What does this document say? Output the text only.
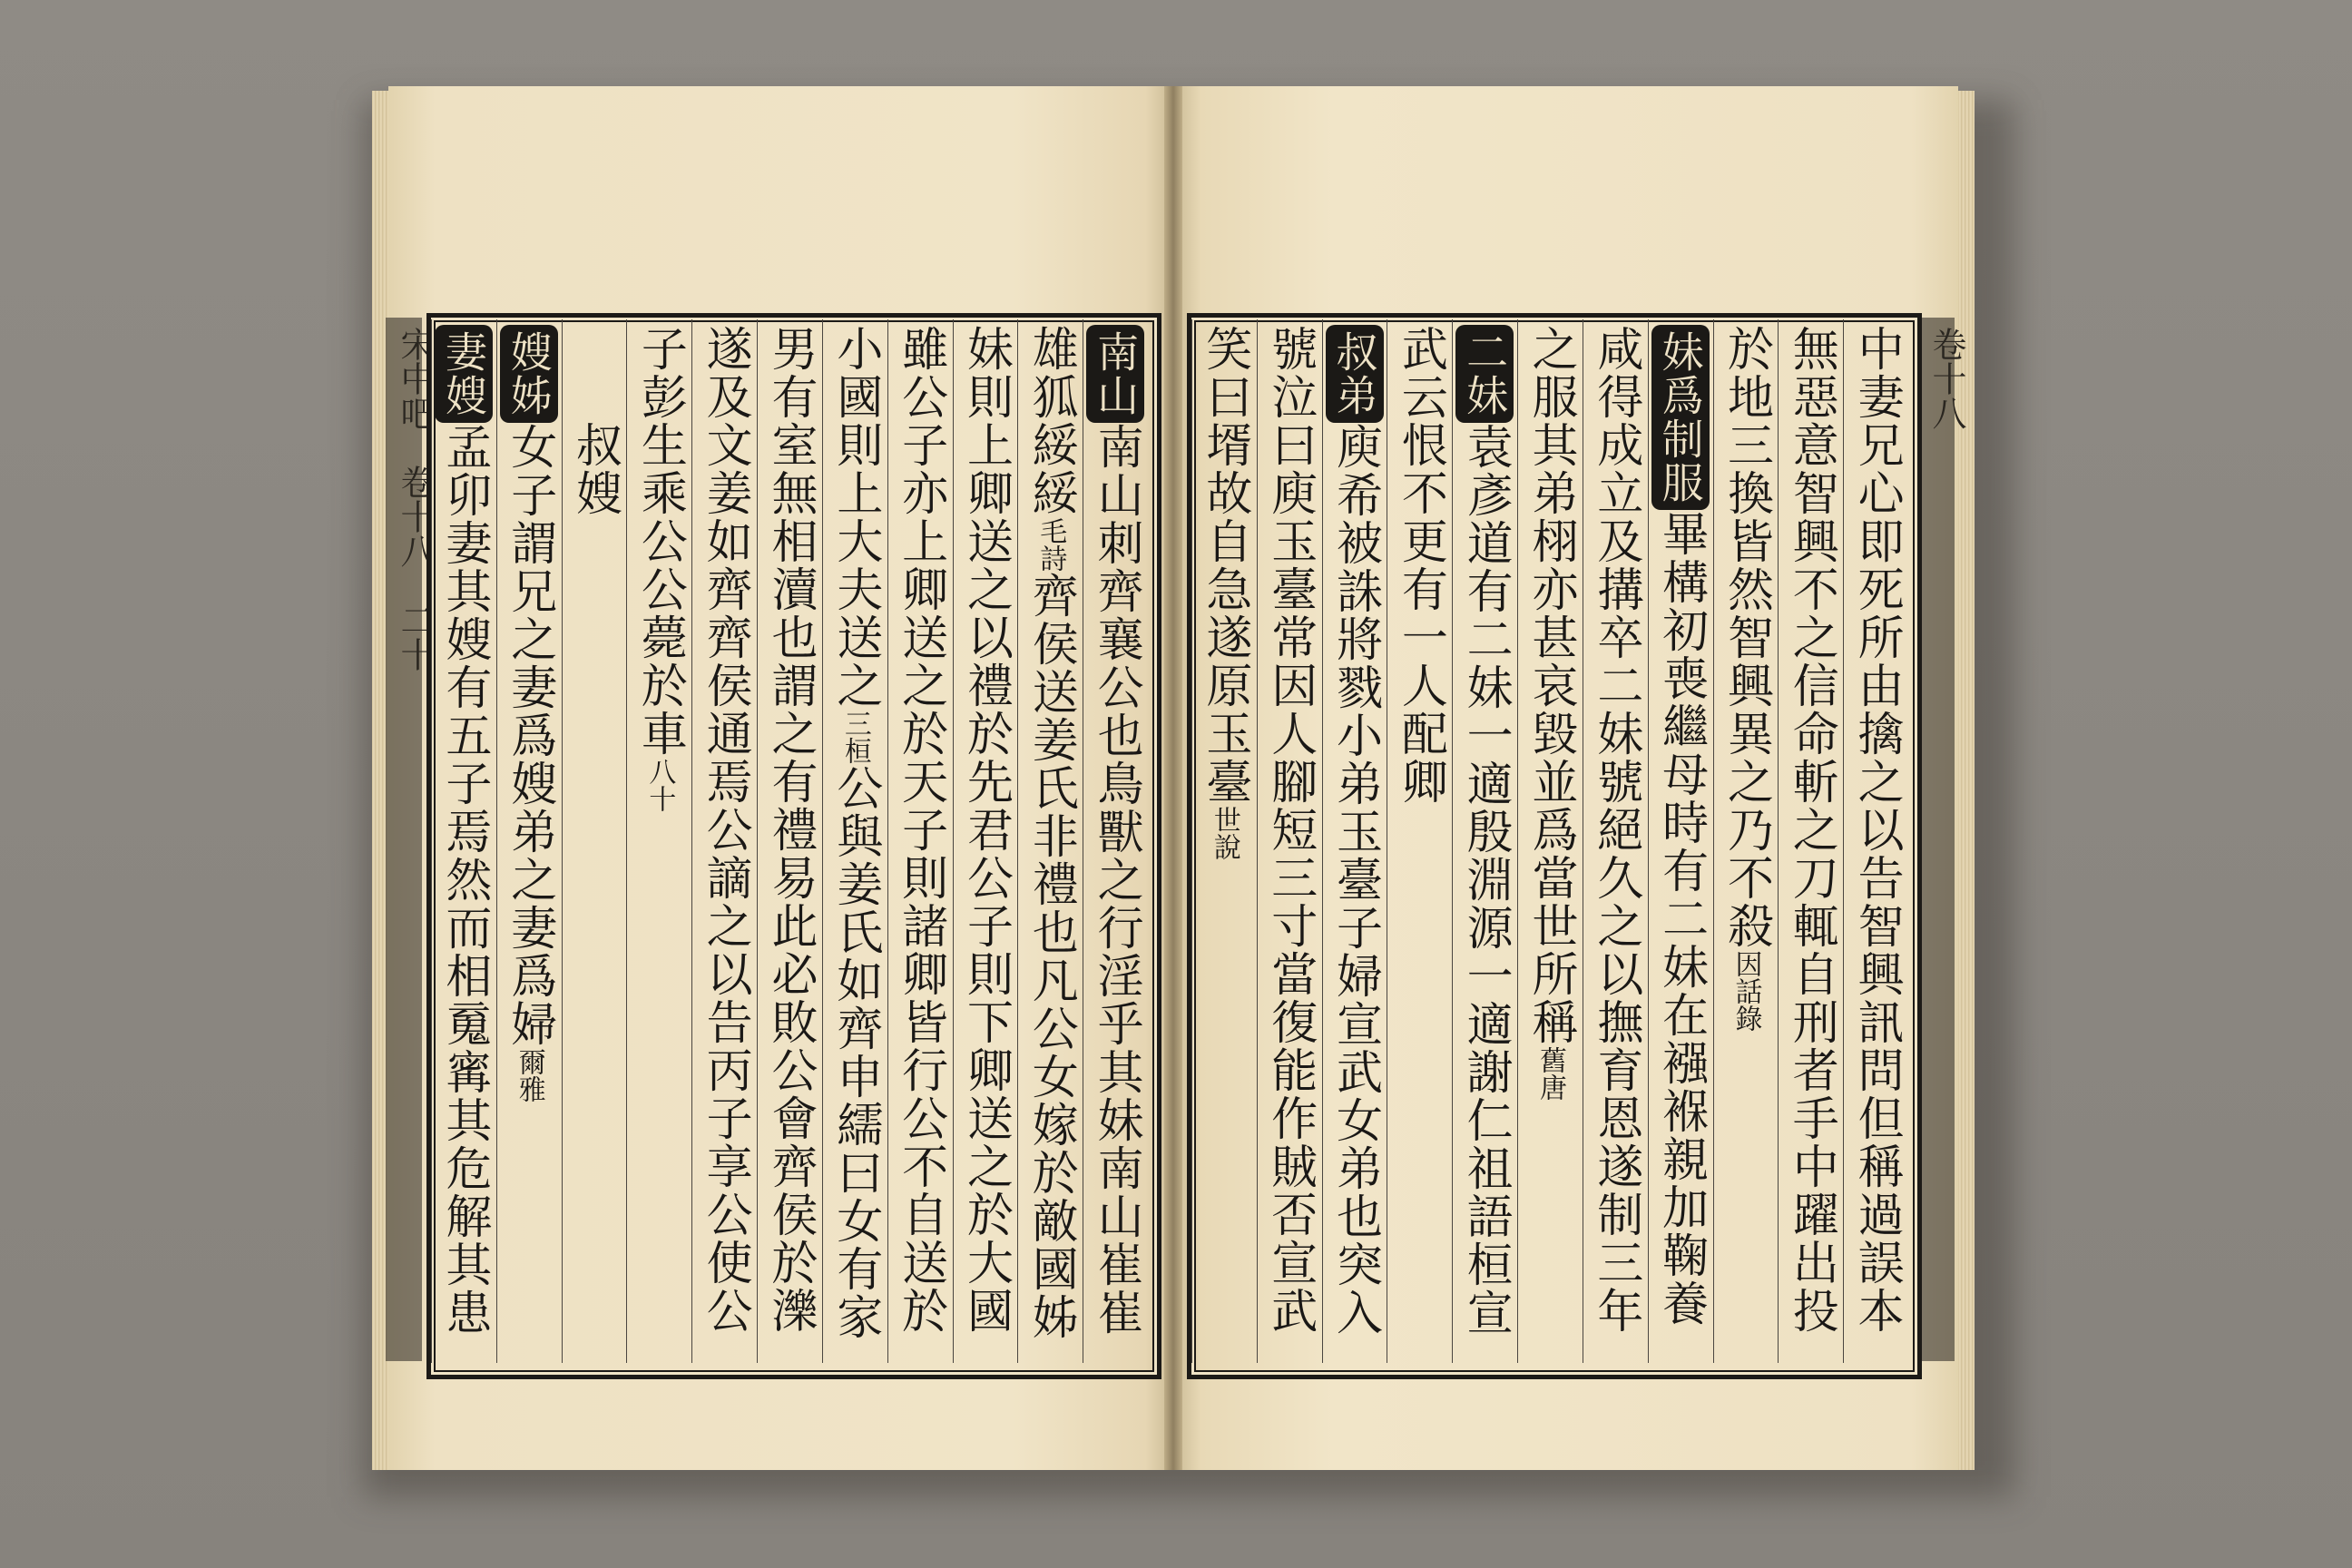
宋中吧　卷十八　二十	卷十八
南山南山刺齊襄公也鳥獸之行淫乎其妹南山崔崔
雄狐綏綏毛詩齊侯送姜氏非禮也凡公女嫁於敵國姊
妹則上卿送之以禮於先君公子則下卿送之於大國
雖公子亦上卿送之於天子則諸卿皆行公不自送於
小國則上大夫送之三桓公與姜氏如齊申繻曰女有家
男有室無相瀆也謂之有禮易此必敗公會齊侯於濼
遂及文姜如齊齊侯通焉公謫之以告丙子享公使公
子彭生乘公公薨於車八十
　　叔嫂
嫂姊女子謂兄之妻爲嫂弟之妻爲婦爾雅
妻嫂孟卯妻其嫂有五子焉然而相䰟寗其危解其患	中妻兄心即死所由擒之以告智興訊問但稱過誤本
無惡意智興不之信命斬之刀輒自刑者手中躍出投
於地三換皆然智興異之乃不殺因話錄
妹爲制服畢構初喪繼母時有二妹在襁褓親加鞠養
咸得成立及搆卒二妹號絕久之以撫育恩遂制三年
之服其弟栩亦甚哀毀並爲當世所稱舊唐
二妹袁彥道有二妹一適殷淵源一適謝仁祖語桓宣
武云恨不更有一人配卿
叔弟庾希被誅將戮小弟玉臺子婦宣武女弟也突入
號泣曰庾玉臺常因人腳短三寸當復能作賊否宣武
笑曰壻故自急遂原玉臺世說
